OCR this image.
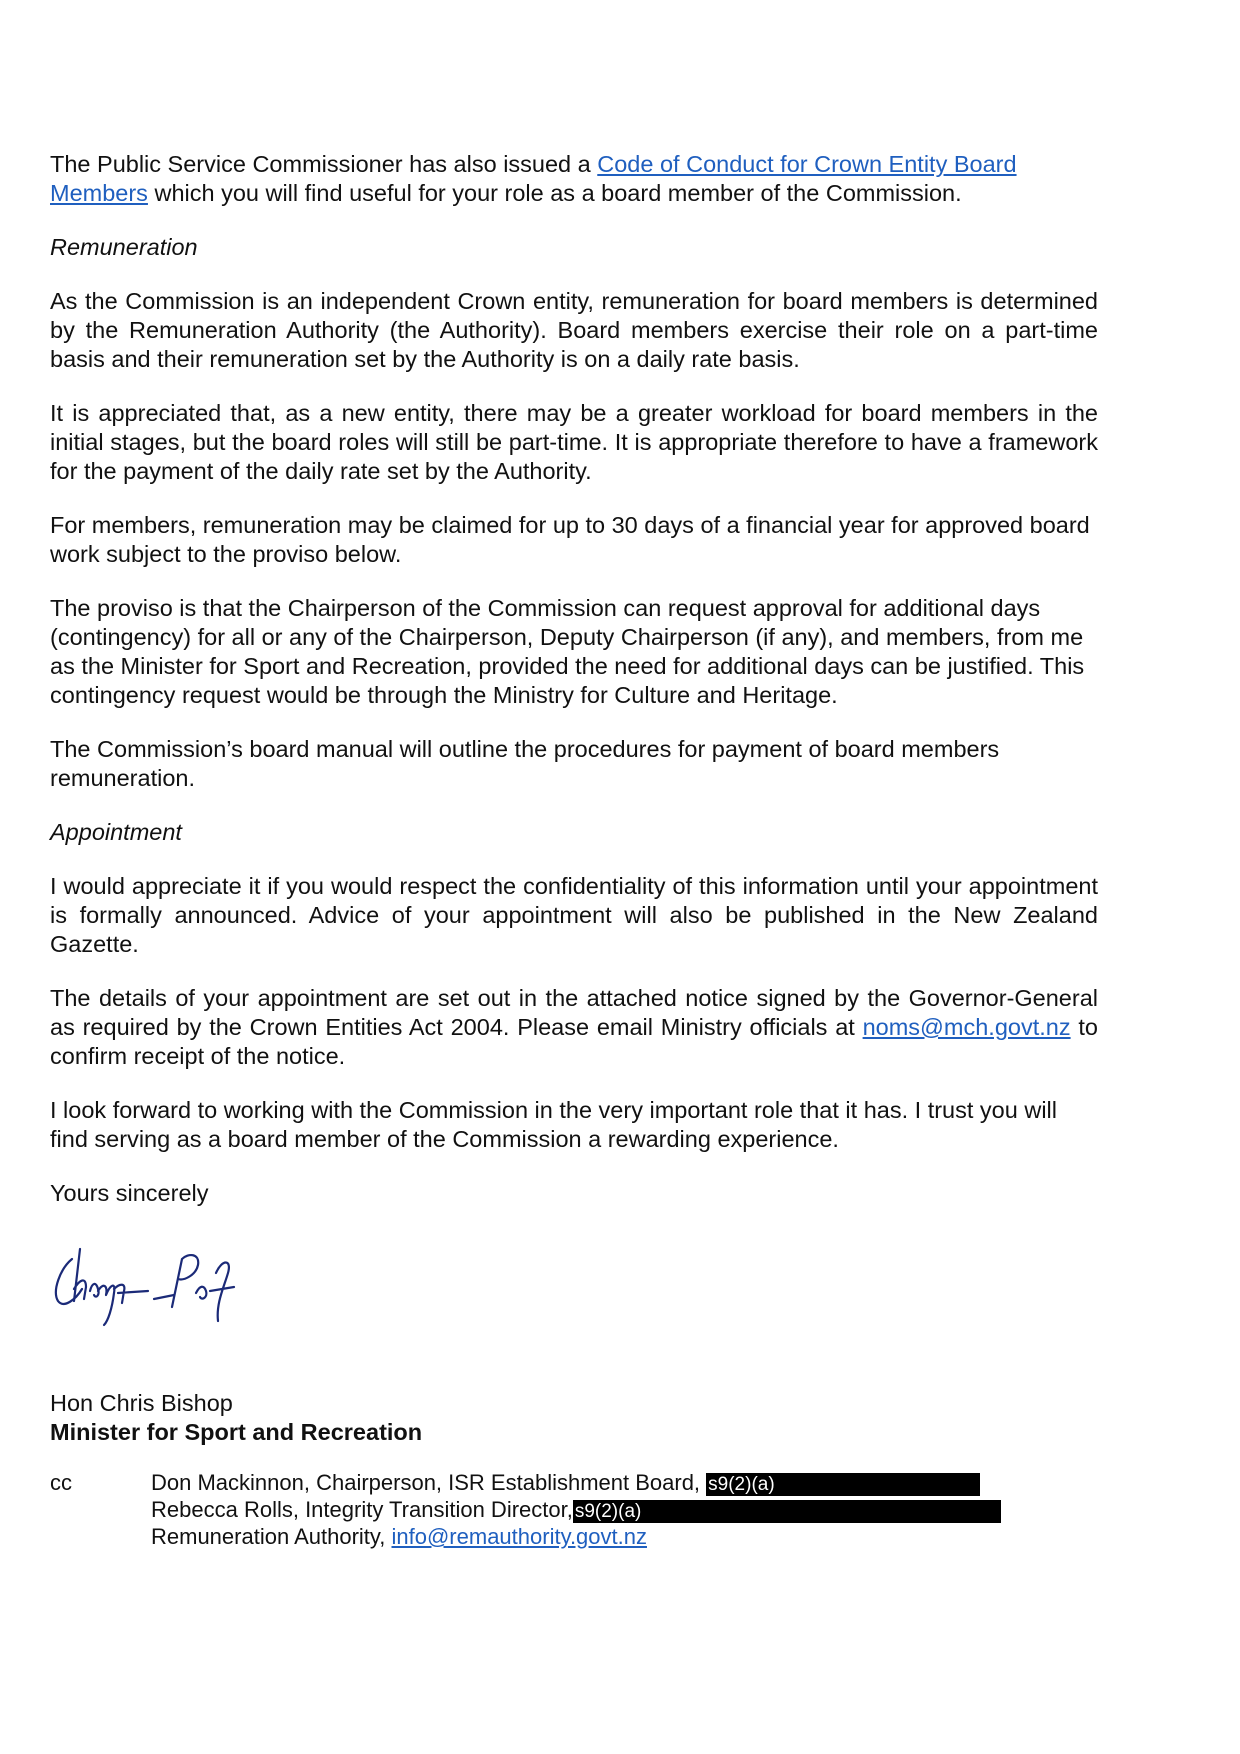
The Public Service Commissioner has also issued a Code of Conduct for Crown Entity Board Members which you will find useful for your role as a board member of the Commission.

Remuneration

As the Commission is an independent Crown entity, remuneration for board members is determined by the Remuneration Authority (the Authority). Board members exercise their role on a part-time basis and their remuneration set by the Authority is on a daily rate basis.

It is appreciated that, as a new entity, there may be a greater workload for board members in the initial stages, but the board roles will still be part-time. It is appropriate therefore to have a framework for the payment of the daily rate set by the Authority.

For members, remuneration may be claimed for up to 30 days of a financial year for approved board work subject to the proviso below.

The proviso is that the Chairperson of the Commission can request approval for additional days (contingency) for all or any of the Chairperson, Deputy Chairperson (if any), and members, from me as the Minister for Sport and Recreation, provided the need for additional days can be justified. This contingency request would be through the Ministry for Culture and Heritage.

The Commission’s board manual will outline the procedures for payment of board members remuneration.

Appointment

I would appreciate it if you would respect the confidentiality of this information until your appointment is formally announced. Advice of your appointment will also be published in the New Zealand Gazette.

The details of your appointment are set out in the attached notice signed by the Governor-General as required by the Crown Entities Act 2004. Please email Ministry officials at noms@mch.govt.nz to confirm receipt of the notice.

I look forward to working with the Commission in the very important role that it has. I trust you will find serving as a board member of the Commission a rewarding experience.

Yours sincerely

Hon Chris Bishop

Minister for Sport and Recreation

cc	Don Mackinnon, Chairperson, ISR Establishment Board, s9(2)(a)
Rebecca Rolls, Integrity Transition Director, s9(2)(a)
Remuneration Authority, info@remauthority.govt.nz
